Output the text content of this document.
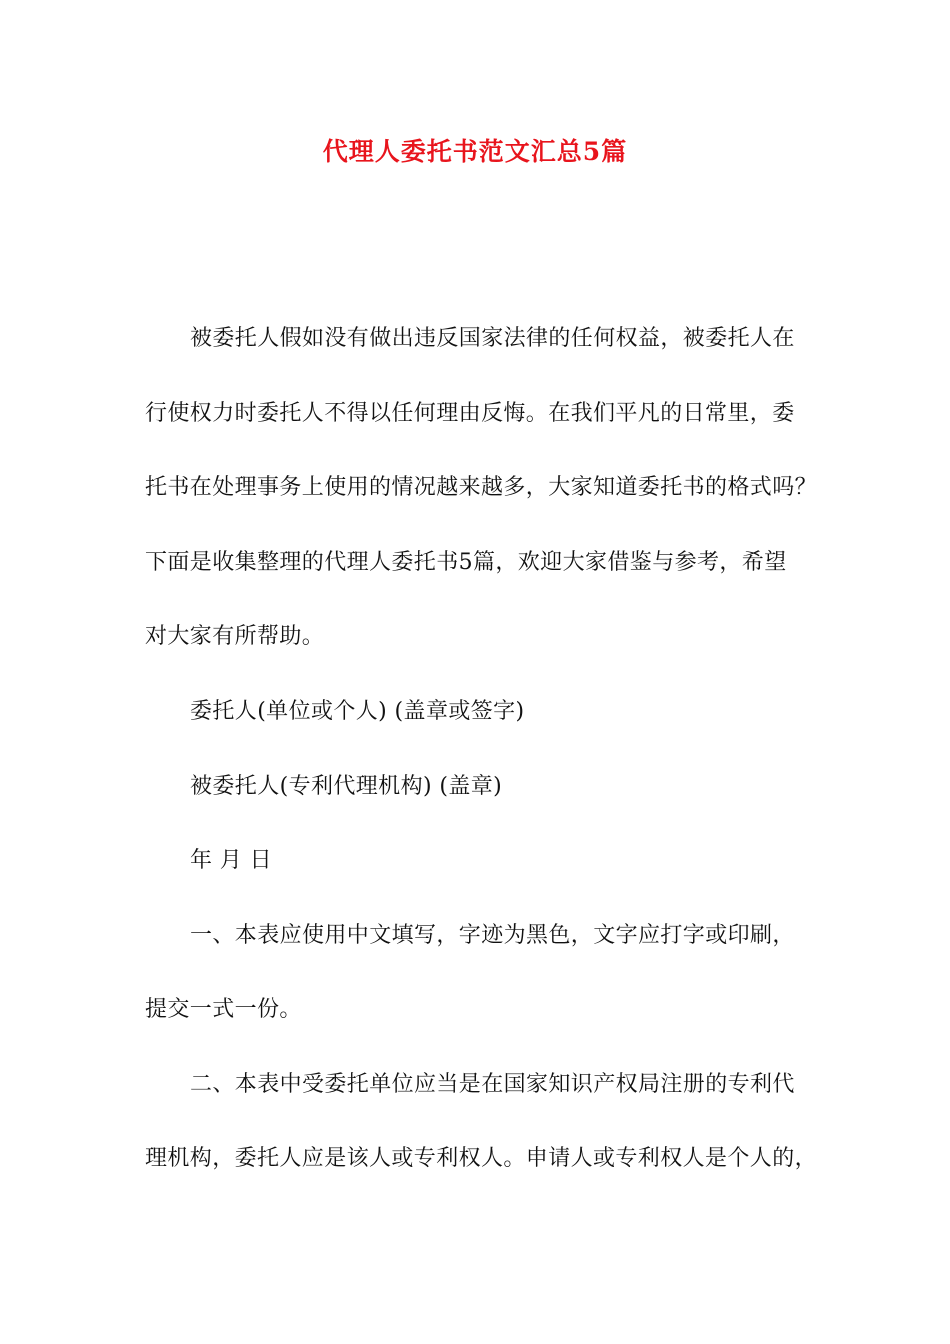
代理人委托书范文汇总5篇
被委托人假如没有做出违反国家法律的任何权益，被委托人在
行使权力时委托人不得以任何理由反悔。在我们平凡的日常里，委
托书在处理事务上使用的情况越来越多，大家知道委托书的格式吗？
下面是收集整理的代理人委托书5篇，欢迎大家借鉴与参考，希望
对大家有所帮助。
委托人(单位或个人) (盖章或签字)
被委托人(专利代理机构) (盖章)
年 月 日
一、本表应使用中文填写，字迹为黑色，文字应打字或印刷，
提交一式一份。
二、本表中受委托单位应当是在国家知识产权局注册的专利代
理机构，委托人应是该人或专利权人。申请人或专利权人是个人的，
